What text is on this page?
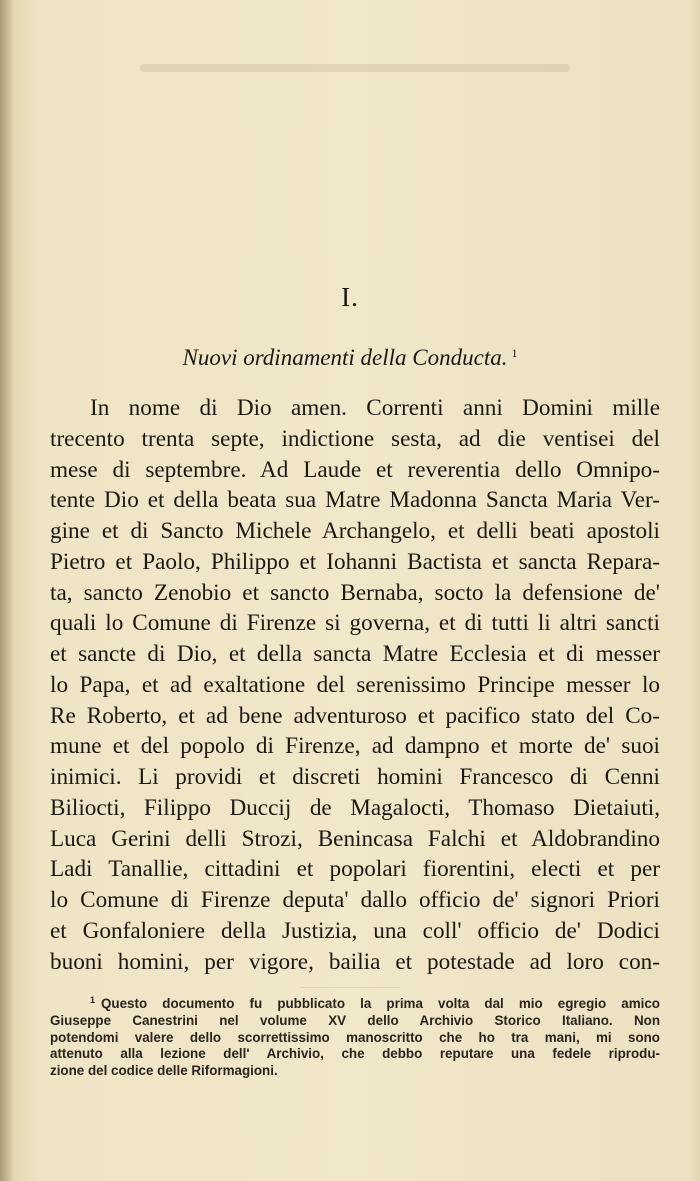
I.
Nuovi ordinamenti della Conducta. $^1$
In nome di Dio amen. Correnti anni Domini mille
trecento trenta septe, indictione sesta, ad die ventisei del
mese di septembre. Ad Laude et reverentia dello Omnipo-
tente Dio et della beata sua Matre Madonna Sancta Maria Ver-
gine et di Sancto Michele Archangelo, et delli beati apostoli
Pietro et Paolo, Philippo et Iohanni Bactista et sancta Repara-
ta, sancto Zenobio et sancto Bernaba, socto la defensione de'
quali lo Comune di Firenze si governa, et di tutti li altri sancti
et sancte di Dio, et della sancta Matre Ecclesia et di messer
lo Papa, et ad exaltatione del serenissimo Principe messer lo
Re Roberto, et ad bene adventuroso et pacifico stato del Co-
mune et del popolo di Firenze, ad dampno et morte de' suoi
inimici. Li providi et discreti homini Francesco di Cenni
Biliocti, Filippo Duccij de Magalocti, Thomaso Dietaiuti,
Luca Gerini delli Strozi, Benincasa Falchi et Aldobrandino
Ladi Tanallie, cittadini et popolari fiorentini, electi et per
lo Comune di Firenze deputa' dallo officio de' signori Priori
et Gonfaloniere della Justizia, una coll' officio de' Dodici
buoni homini, per vigore, bailia et potestade ad loro con-
$^1$ Questo documento fu pubblicato la prima volta dal mio egregio amico
Giuseppe Canestrini nel volume XV dello Archivio Storico Italiano. Non
potendomi valere dello scorrettissimo manoscritto che ho tra mani, mi sono
attenuto alla lezione dell' Archivio, che debbo reputare una fedele riprodu-
zione del codice delle Riformagioni.
